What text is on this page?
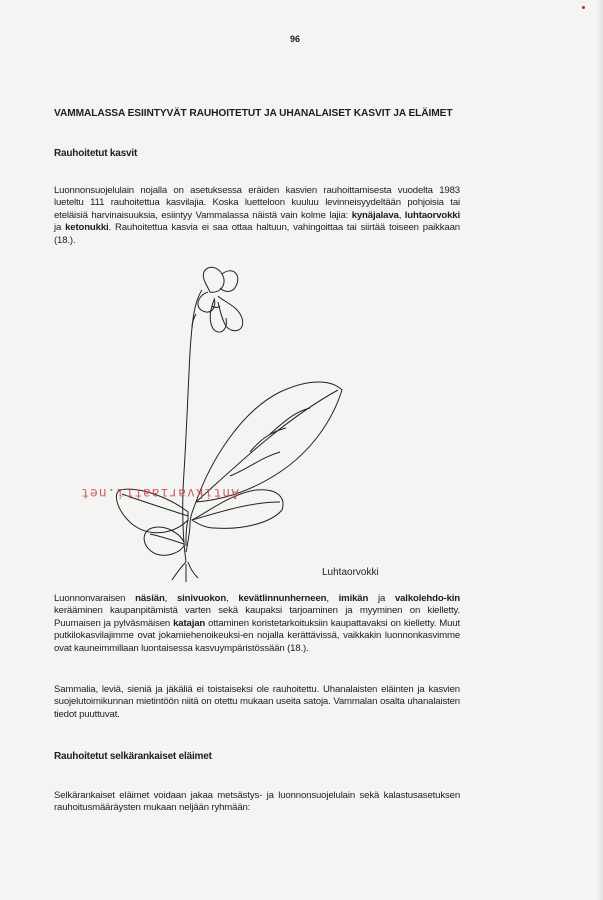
96
VAMMALASSA ESIINTYVÄT RAUHOITETUT JA UHANALAISET KASVIT JA ELÄIMET
Rauhoitetut kasvit

Luonnonsuojelulain nojalla on asetuksessa eräiden kasvien rauhoittamisesta vuodelta 1983 lueteltu 111 rauhoitettua kasvilajia. Koska luetteloon kuuluu levinneisyydeltään pohjoisia tai eteläisiä harvinaisuuksia, esiintyy Vammalassa näistä vain kolme lajia: kynäjalava, luhtaorvokki ja ketonukki. Rauhoitettua kasvia ei saa ottaa haltuun, vahingoittaa tai siirtää toiseen paikkaan (18.).

Antikvariaatti.net
Luhtaorvokki

Luonnonvaraisen näsiän, sinivuokon, kevätlinnunherneen, imikän ja valkolehdo-kin kerääminen kaupanpitämistä varten sekä kaupaksi tarjoaminen ja myyminen on kielletty. Puumaisen ja pylväsmäisen katajan ottaminen koristetarkoituksiin kaupattavaksi on kielletty. Muut putkilokasvilajimme ovat jokamiehenoikeuksi-en nojalla kerättävissä, vaikkakin luonnonkasvimme ovat kauneimmillaan luontaisessa kasvuympäristössään (18.).

Sammalia, leviä, sieniä ja jäkäliä ei toistaiseksi ole rauhoitettu. Uhanalaisten eläinten ja kasvien suojelutoimikunnan mietintöön niitä on otettu mukaan useita satoja. Vammalan osalta uhanalaisten tiedot puuttuvat.

Rauhoitetut selkärankaiset eläimet

Selkärankaiset eläimet voidaan jakaa metsästys- ja luonnonsuojelulain sekä kalastusasetuksen rauhoitusmääräysten mukaan neljään ryhmään:
